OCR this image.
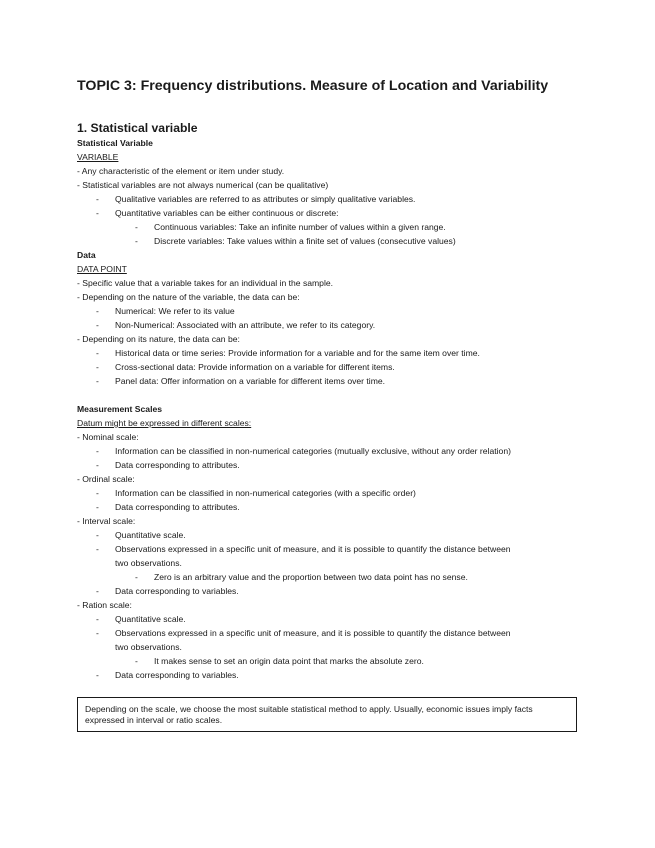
TOPIC 3: Frequency distributions. Measure of Location and Variability
1. Statistical variable
Statistical Variable
VARIABLE
- Any characteristic of the element or item under study.
- Statistical variables are not always numerical (can be qualitative)
- Qualitative variables are referred to as attributes or simply qualitative variables.
- Quantitative variables can be either continuous or discrete:
- Continuous variables: Take an infinite number of values within a given range.
- Discrete variables: Take values within a finite set of values (consecutive values)
Data
DATA POINT
- Specific value that a variable takes for an individual in the sample.
- Depending on the nature of the variable, the data can be:
- Numerical: We refer to its value
- Non-Numerical: Associated with an attribute, we refer to its category.
- Depending on its nature, the data can be:
- Historical data or time series: Provide information for a variable and for the same item over time.
- Cross-sectional data: Provide information on a variable for different items.
- Panel data: Offer information on a variable for different items over time.
Measurement Scales
Datum might be expressed in different scales:
- Nominal scale:
- Information can be classified in non-numerical categories (mutually exclusive, without any order relation)
- Data corresponding to attributes.
- Ordinal scale:
- Information can be classified in non-numerical categories (with a specific order)
- Data corresponding to attributes.
- Interval scale:
- Quantitative scale.
- Observations expressed in a specific unit of measure, and it is possible to quantify the distance between
two observations.
- Zero is an arbitrary value and the proportion between two data point has no sense.
- Data corresponding to variables.
- Ration scale:
- Quantitative scale.
- Observations expressed in a specific unit of measure, and it is possible to quantify the distance between
two observations.
- It makes sense to set an origin data point that marks the absolute zero.
- Data corresponding to variables.
Depending on the scale, we choose the most suitable statistical method to apply. Usually, economic issues imply facts expressed in interval or ratio scales.
